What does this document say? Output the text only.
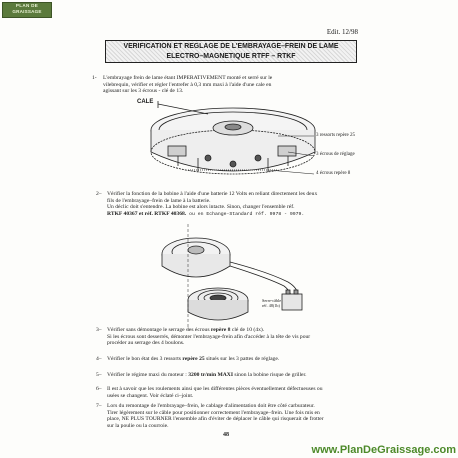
PLAN DE
GRAISSAGE
Edit. 12/98
VERIFICATION ET REGLAGE DE L'EMBRAYAGE–FREIN DE LAME
ELECTRO–MAGNETIQUE RTFF – RTKF
1- L'embrayage frein de lame étant IMPERATIVEMENT monté et serré sur le
vilebrequin, vérifier et régler l'entrefer à 0,3 mm maxi à l'aide d'une cale en
agissant sur les 3 écrous - clé de 13.
CALE
3 ressorts repère 25
3 écrous de réglage
4 écrous repère 8
2– Vérifier la fonction de la bobine à l'aide d'une batterie 12 Volts en reliant directement les deux
fils de l'embrayage–frein de lame à la batterie.
Un déclic doit s'entendre. La bobine est alors intacte. Sinon, changer l'ensemble réf.
RTKF 40367 et réf. RTKF 40368. ou en Echange-Standard réf. 9978 - 9979.
Serre-câble
réf. 48(1b)
3– Vérifier sans démontage le serrage des écrous repère 8 clé de 10 (4x).
Si les écrous sont desserrés, démonter l'embrayage-frein afin d'accéder à la tête de vis pour
procéder au serrage des 4 boulons.
4– Vérifier le bon état des 3 ressorts repère 25 situés sur les 3 pattes de réglage.
5– Vérifier le régime maxi du moteur : 3200 tr/min MAXI sinon la bobine risque de griller.
6– Il est à savoir que les roulements ainsi que les différentes pièces éventuellement défectueuses ou
usées se changent. Voir éclaté ci–joint.
7– Lors du remontage de l'embrayage–frein, le cablage d'alimentation doit être côté carburateur.
Tirer légèrement sur le câble pour positionner correctement l'embrayage–frein. Une fois mis en
place, NE PLUS TOURNER l'ensemble afin d'éviter de déplacer le câble qui risquerait de frotter
sur la poulie ou la courroie.
48
www.PlanDeGraissage.com
